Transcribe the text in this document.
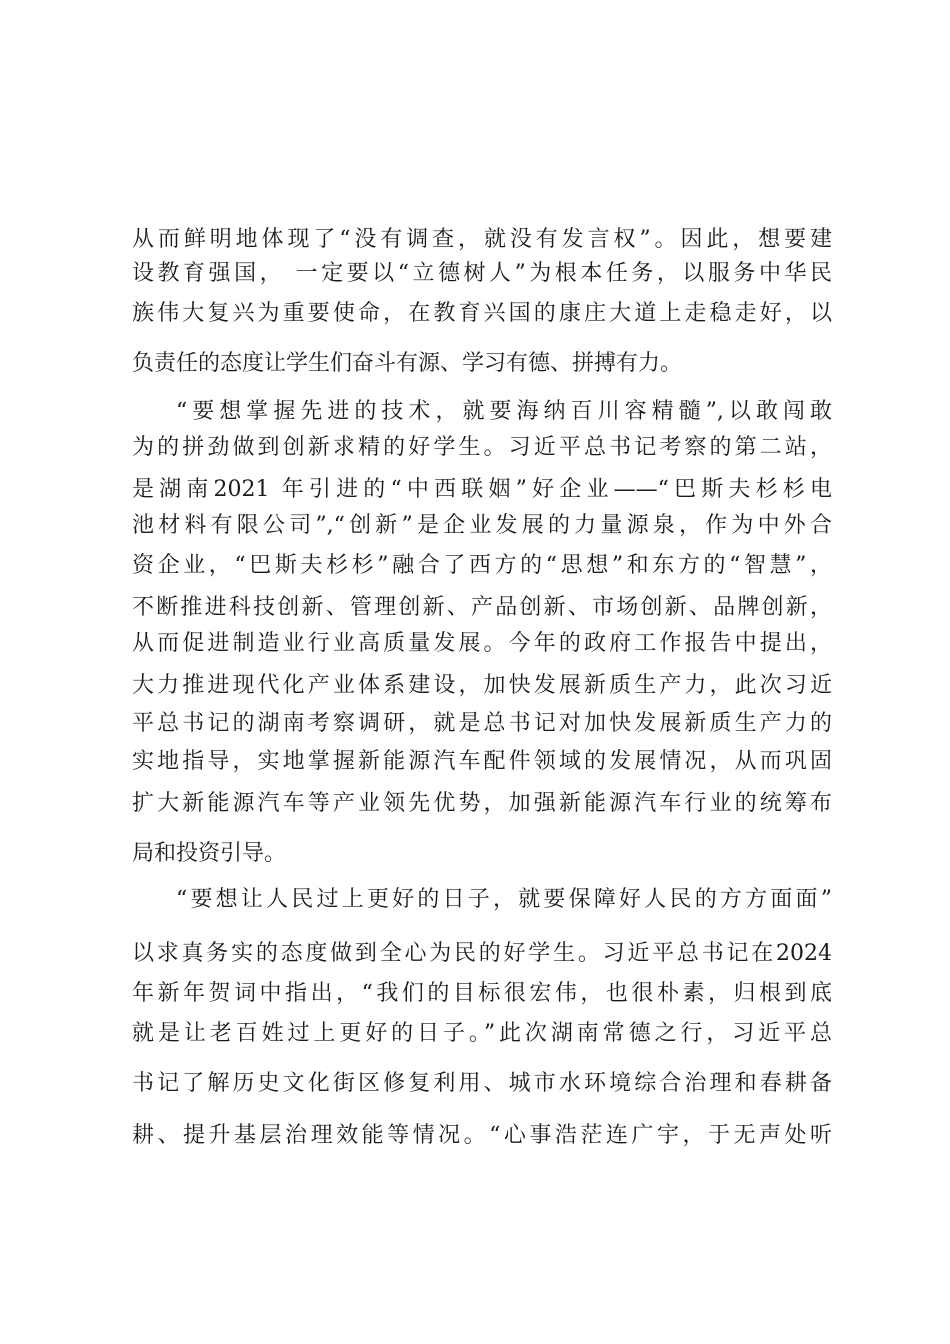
从而鲜明地体现了“没有调查，就没有发言权”。因此，想要建

设教育强国， 一定要以“立德树人”为根本任务，以服务中华民

族伟大复兴为重要使命，在教育兴国的康庄大道上走稳走好，以

负责任的态度让学生们奋斗有源、学习有德、拼搏有力。

“要想掌握先进的技术，就要海纳百川容精髓”,以敢闯敢

为的拼劲做到创新求精的好学生。习近平总书记考察的第二站，

是湖南2021 年引进的“中西联姻”好企业——“巴斯夫杉杉电

池材料有限公司”,“创新”是企业发展的力量源泉，作为中外合

资企业，“巴斯夫杉杉”融合了西方的“思想”和东方的“智慧”，

不断推进科技创新、管理创新、产品创新、市场创新、品牌创新，

从而促进制造业行业高质量发展。今年的政府工作报告中提出，

大力推进现代化产业体系建设，加快发展新质生产力，此次习近

平总书记的湖南考察调研，就是总书记对加快发展新质生产力的

实地指导，实地掌握新能源汽车配件领域的发展情况，从而巩固

扩大新能源汽车等产业领先优势，加强新能源汽车行业的统筹布

局和投资引导。

“要想让人民过上更好的日子，就要保障好人民的方方面面”

以求真务实的态度做到全心为民的好学生。习近平总书记在2024

年新年贺词中指出，“我们的目标很宏伟，也很朴素，归根到底

就是让老百姓过上更好的日子。”此次湖南常德之行，习近平总

书记了解历史文化街区修复利用、城市水环境综合治理和春耕备

耕、提升基层治理效能等情况。“心事浩茫连广宇，于无声处听
